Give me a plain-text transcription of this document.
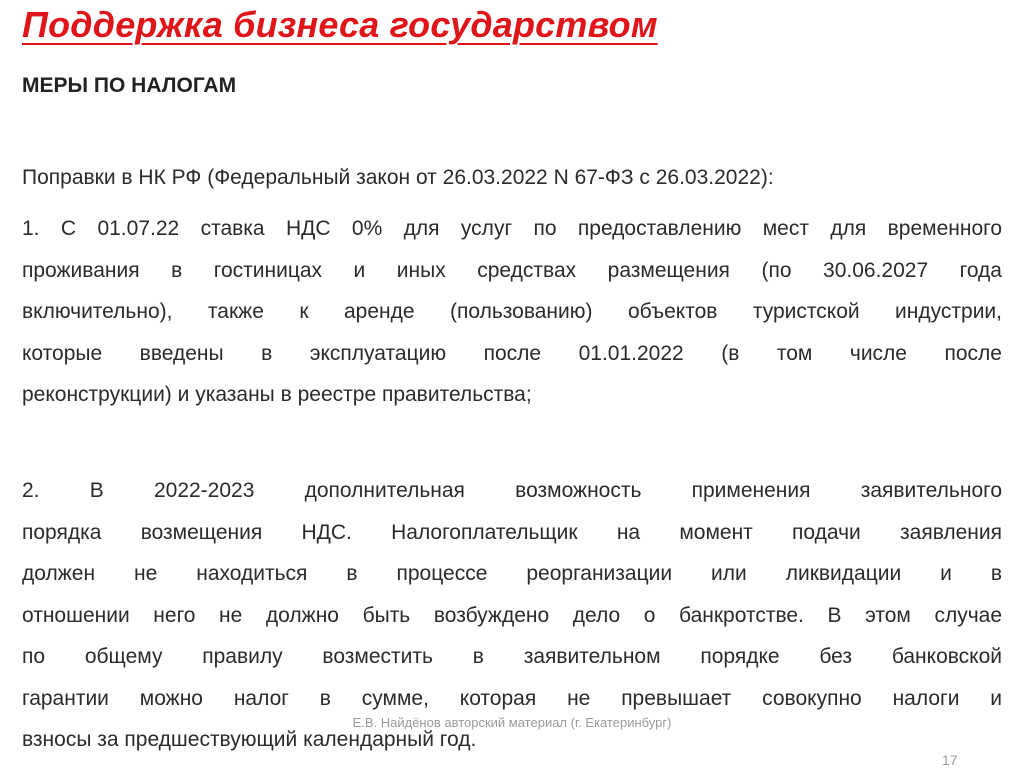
Поддержка бизнеса государством
МЕРЫ ПО НАЛОГАМ
Поправки в НК РФ (Федеральный закон от 26.03.2022 N 67-ФЗ с 26.03.2022):
1. С 01.07.22 ставка НДС 0% для услуг по предоставлению мест для временного
проживания в гостиницах и иных средствах размещения (по 30.06.2027 года
включительно), также к аренде (пользованию) объектов туристской индустрии,
которые введены в эксплуатацию после 01.01.2022 (в том числе после
реконструкции) и указаны в реестре правительства;
2. В 2022-2023 дополнительная возможность применения заявительного
порядка возмещения НДС. Налогоплательщик на момент подачи заявления
должен не находиться в процессе реорганизации или ликвидации и в
отношении него не должно быть возбуждено дело о банкротстве. В этом случае
по общему правилу возместить в заявительном порядке без банковской
гарантии можно налог в сумме, которая не превышает совокупно налоги и
взносы за предшествующий календарный год.
Е.В. Найдёнов авторский материал (г. Екатеринбург)
17
